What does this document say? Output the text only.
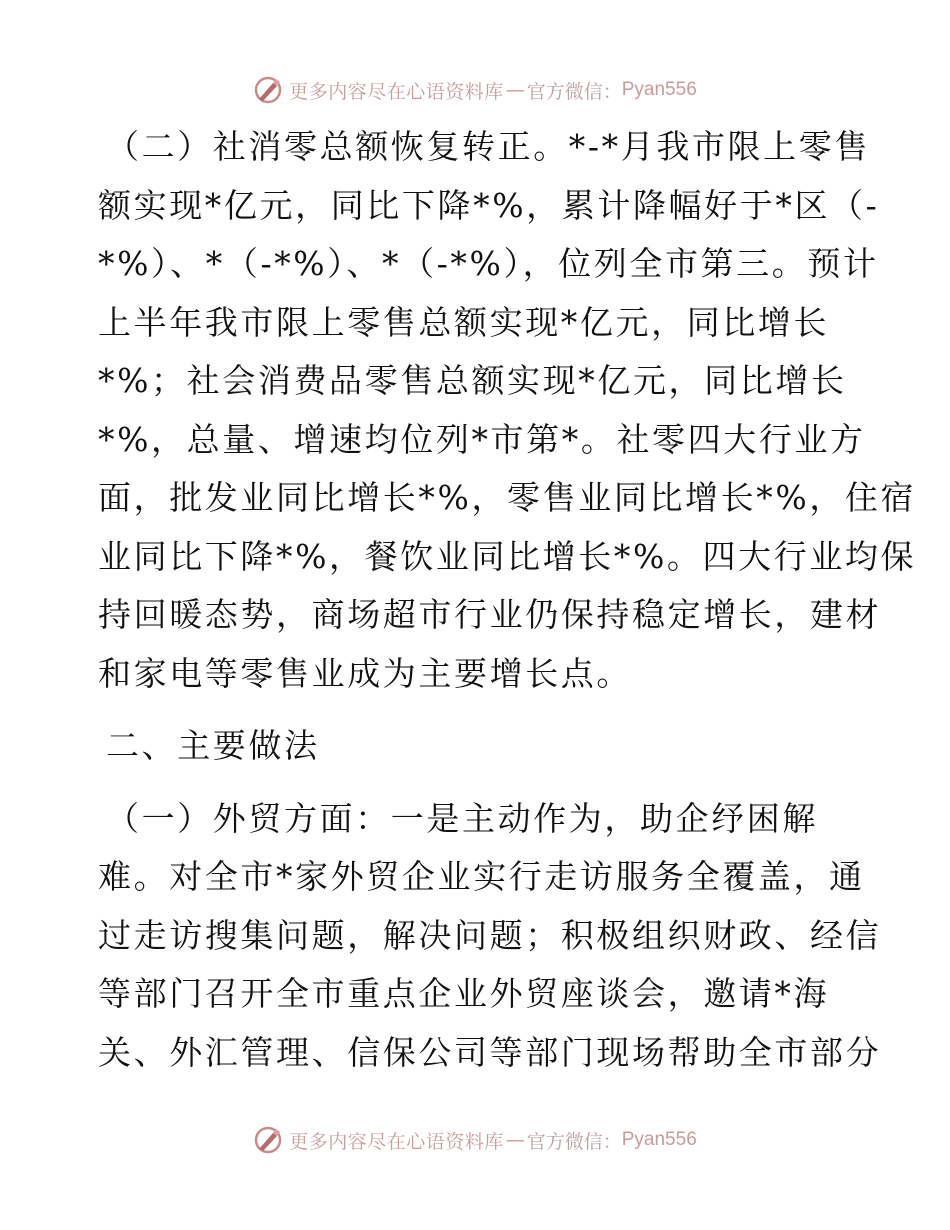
更多内容尽在心语资料库 — 官方微信： Pyan556
（二）社消零总额恢复转正。*-*月我市限上零售
额实现*亿元，同比下降*%，累计降幅好于*区（-
*%）、*（-*%）、*（-*%），位列全市第三。预计
上半年我市限上零售总额实现*亿元，同比增长
*%；社会消费品零售总额实现*亿元，同比增长
*%，总量、增速均位列*市第*。社零四大行业方
面，批发业同比增长*%，零售业同比增长*%，住宿
业同比下降*%，餐饮业同比增长*%。四大行业均保
持回暖态势，商场超市行业仍保持稳定增长，建材
和家电等零售业成为主要增长点。
二、主要做法
（一）外贸方面：一是主动作为，助企纾困解
难。对全市*家外贸企业实行走访服务全覆盖，通
过走访搜集问题，解决问题；积极组织财政、经信
等部门召开全市重点企业外贸座谈会，邀请*海
关、外汇管理、信保公司等部门现场帮助全市部分
更多内容尽在心语资料库 — 官方微信： Pyan556
